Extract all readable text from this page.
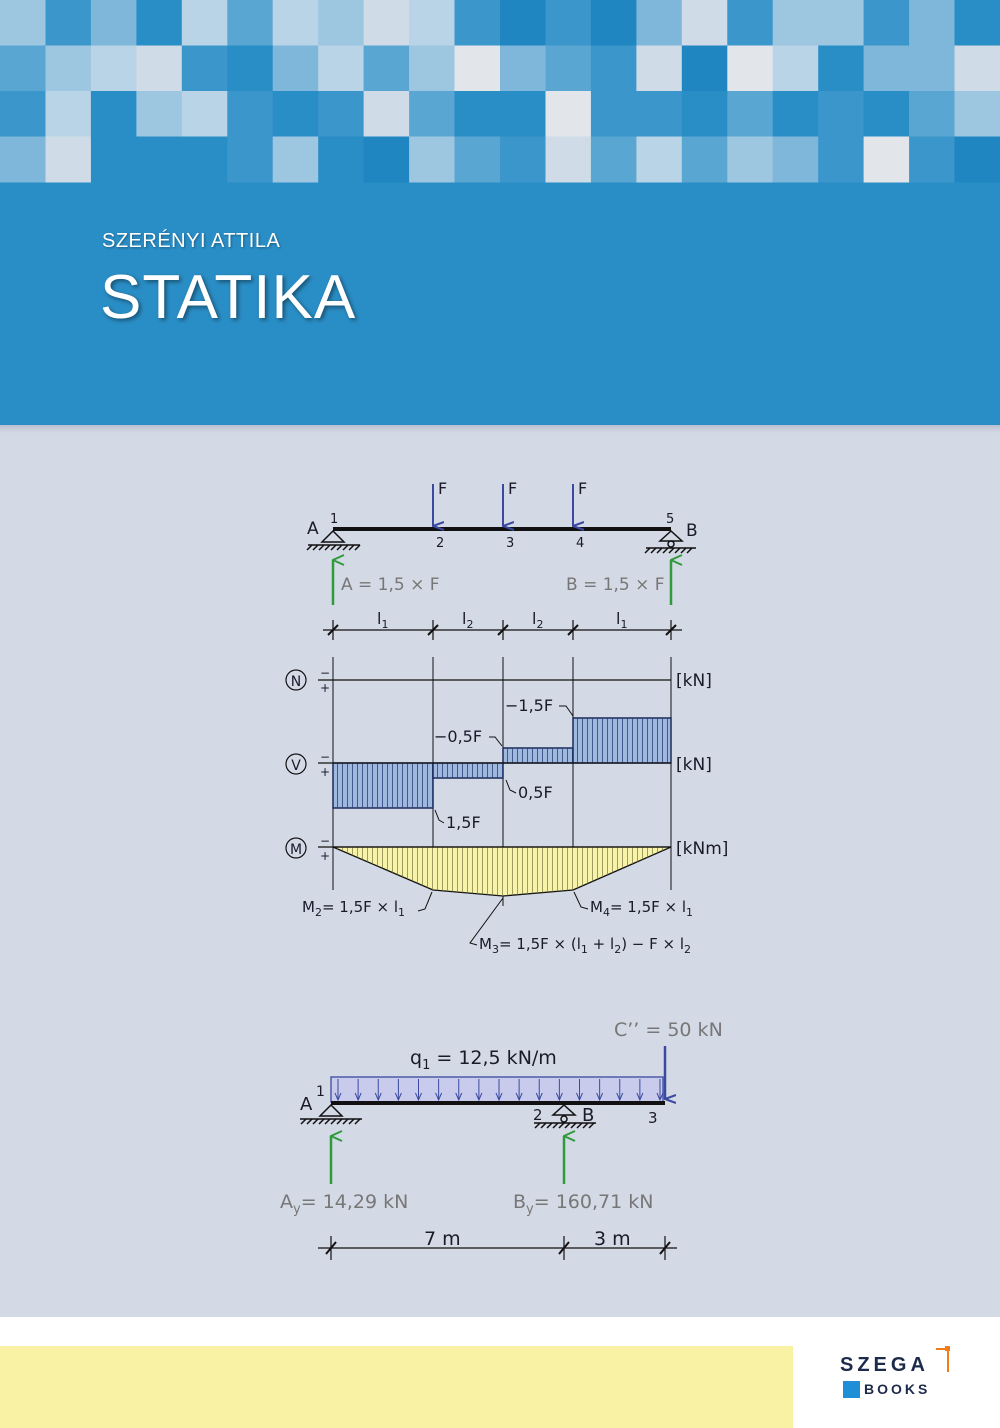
SZERÉNYI ATTILA
STATIKA
F	F	F
A	B
1
2	3	4
5
A = 1,5 × F	B = 1,5 × F
$l_1$	$l_2$	$l_2$	$l_1$
N
−
+	[kN]
V
−
+	[kN]
−1,5F
−0,5F
0,5F
1,5F
M
−
+	[kNm]
$M_2= 1,5F \times l_1$	$M_4= 1,5F \times l_1$
$M_3= 1,5F \times (l_1 + l_2) - F \times l_2$
$q_1 = 12,5$ kN/m
C’’ = 50 kN
A
1
2 B	3
$A_y= 14,29$ kN	$B_y= 160,71$ kN
7 m	3 m
SZEGA
BOOKS
